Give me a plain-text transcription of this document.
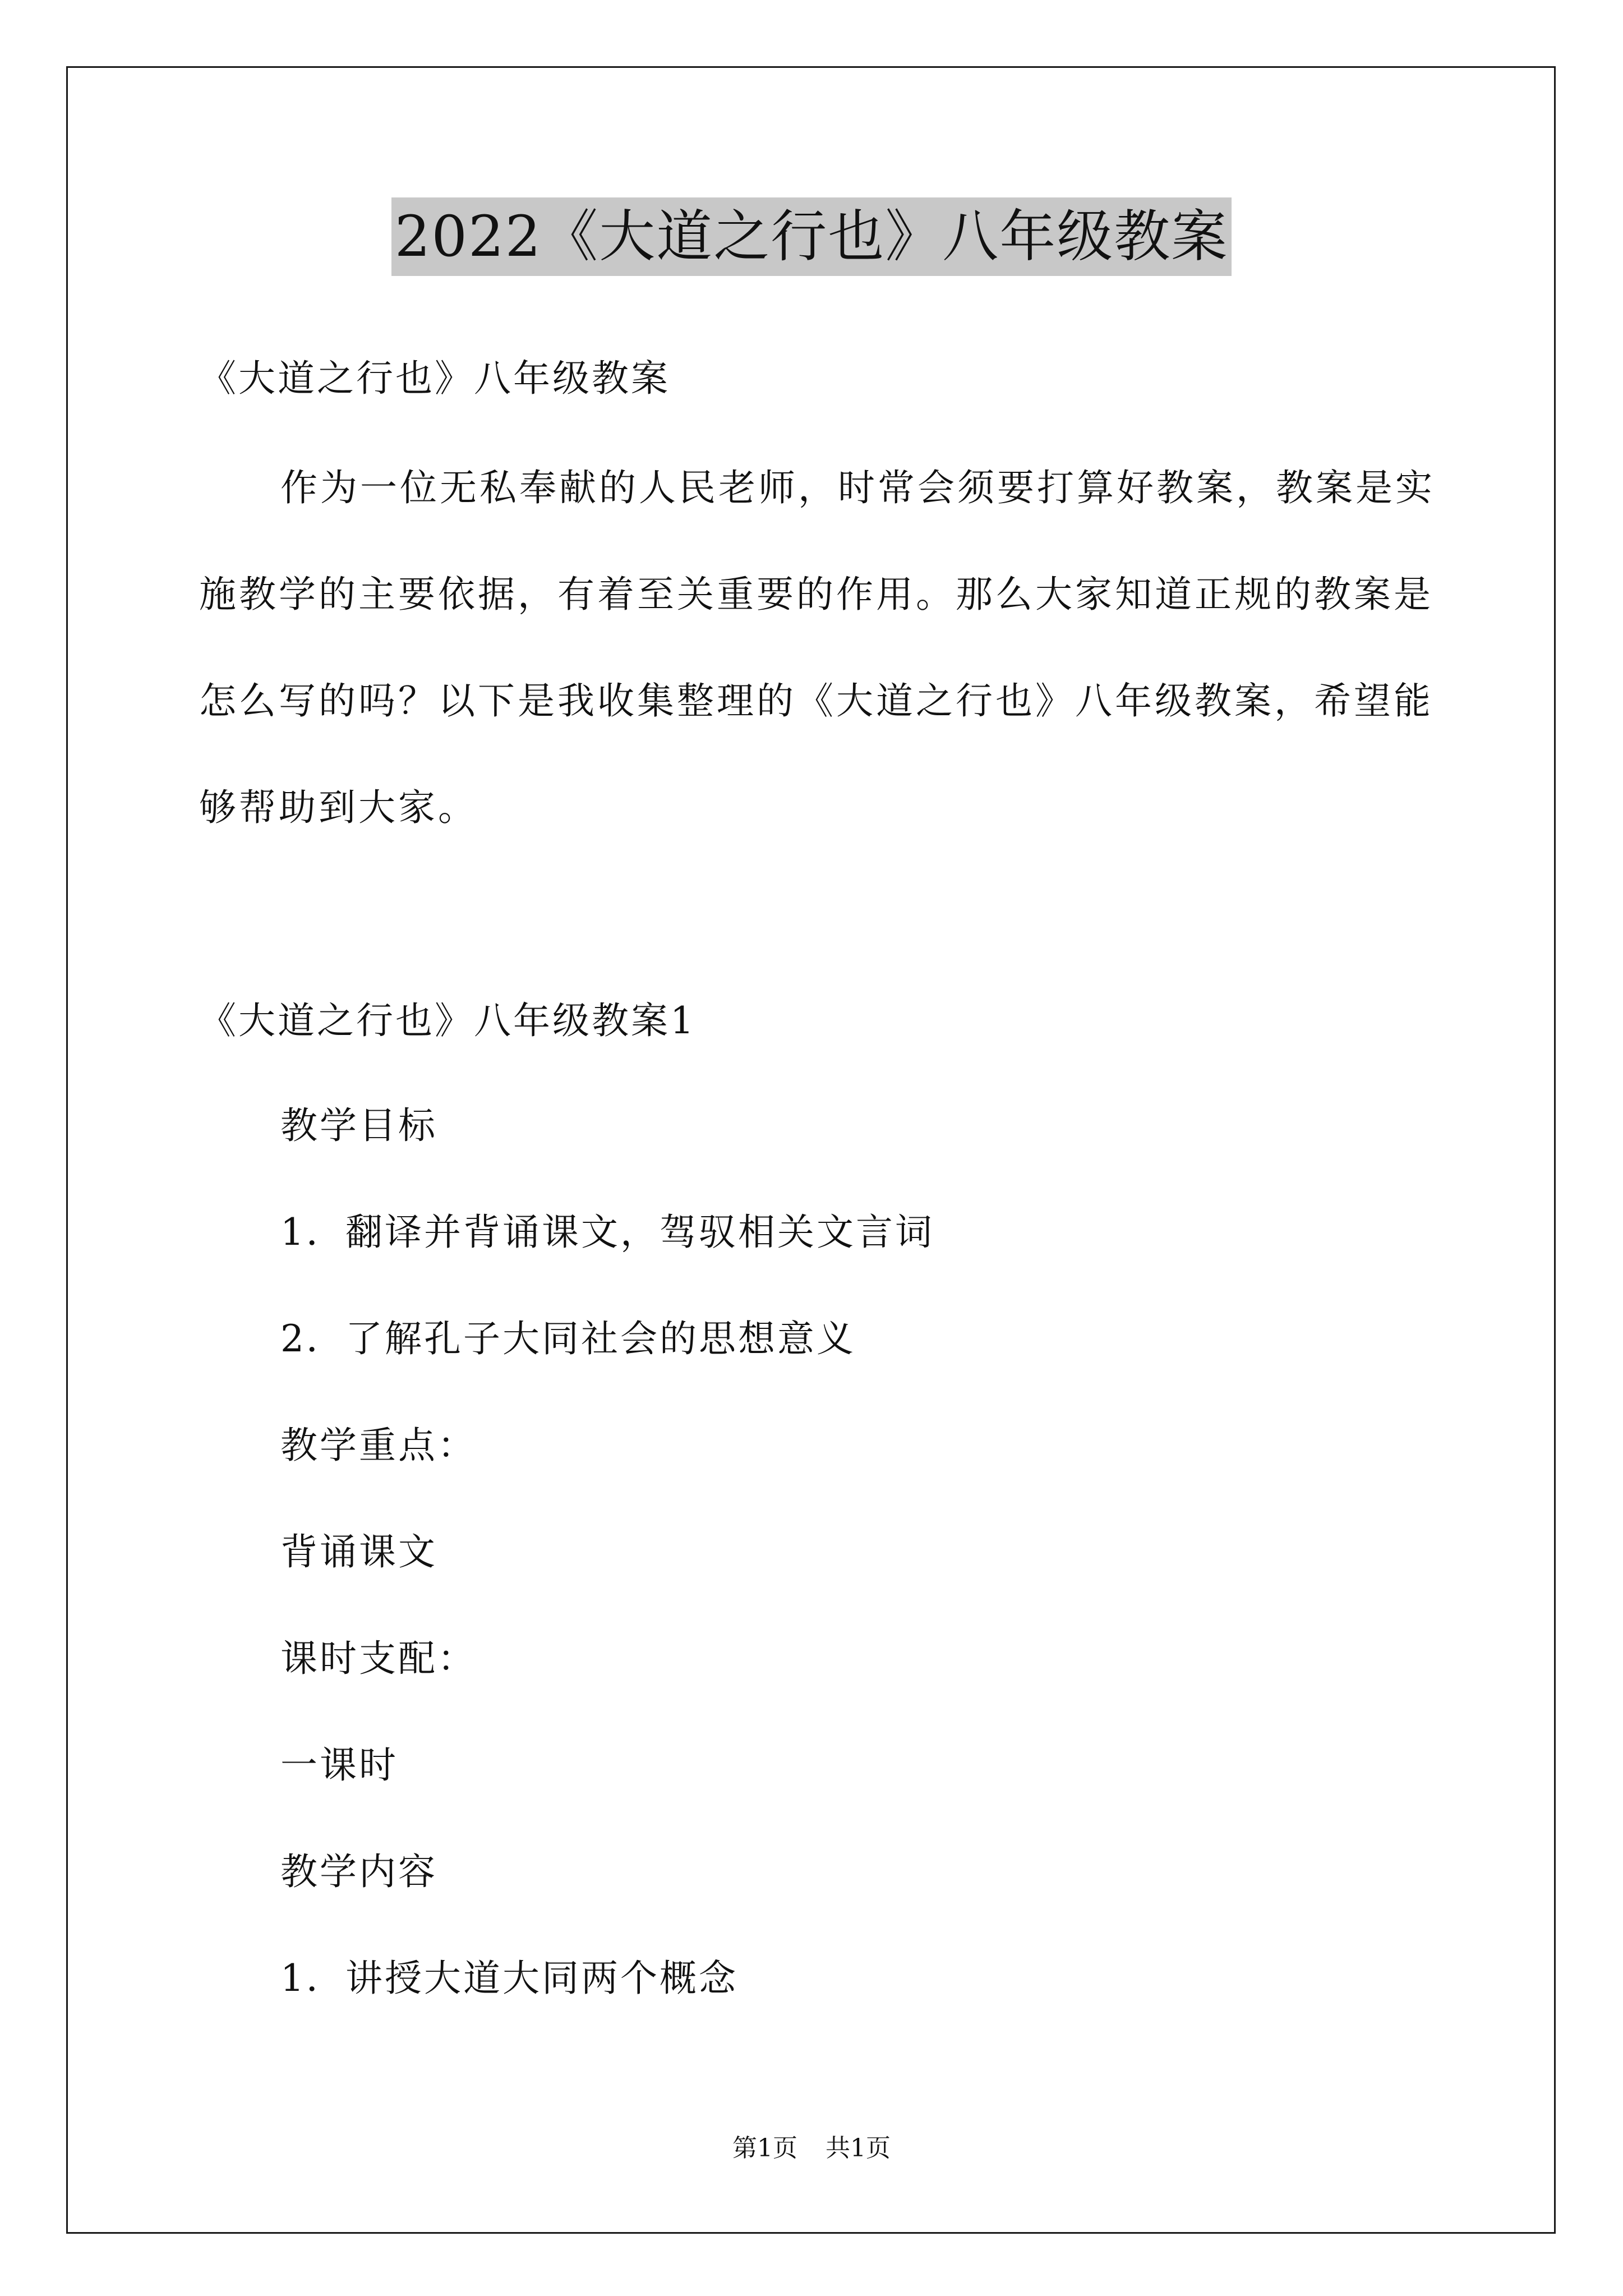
2022《大道之行也》八年级教案
《大道之行也》八年级教案

作为一位无私奉献的人民老师，时常会须要打算好教案，教案是实施教学的主要依据，有着至关重要的作用。那么大家知道正规的教案是怎么写的吗？以下是我收集整理的《大道之行也》八年级教案，希望能够帮助到大家。

《大道之行也》八年级教案1
教学目标
1．翻译并背诵课文，驾驭相关文言词
2．了解孔子大同社会的思想意义
教学重点：
背诵课文
课时支配：
一课时
教学内容
1．讲授大道大同两个概念
第1页 共1页
